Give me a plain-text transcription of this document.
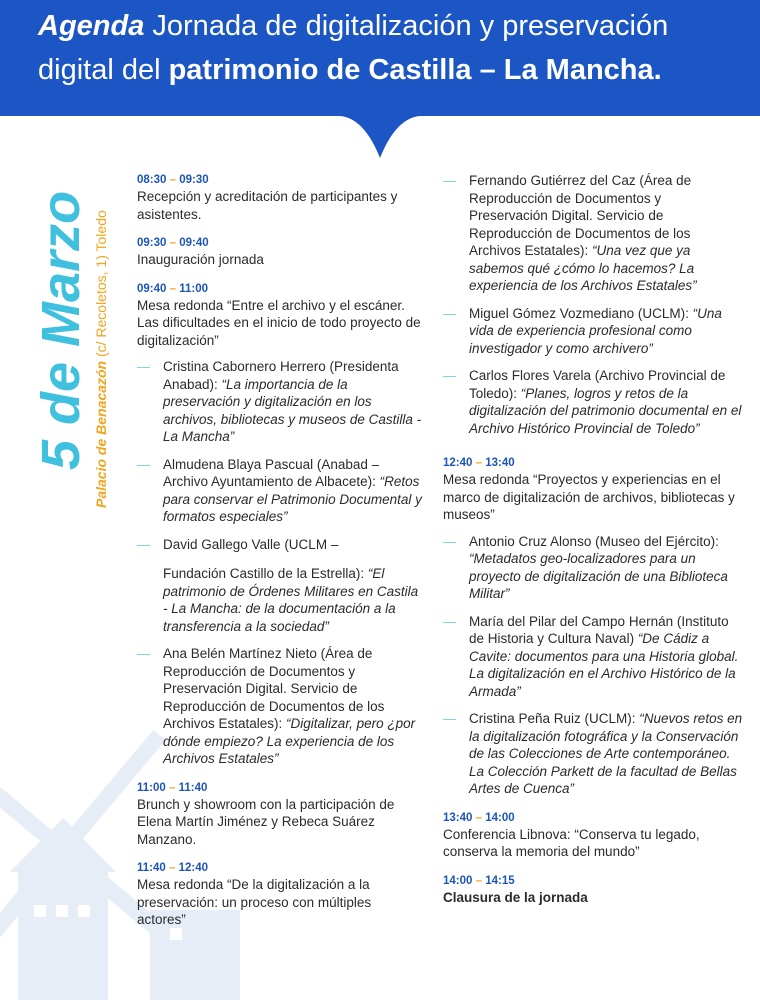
Agenda Jornada de digitalización y preservación
digital del patrimonio de Castilla – La Mancha.
5 de Marzo Palacio de Benacazón (c/ Recoletos, 1) Toledo
08:30 – 09:30
Recepción y acreditación de participantes y asistentes.
09:30 – 09:40
Inauguración jornada
09:40 – 11:00
Mesa redonda “Entre el archivo y el escáner. Las dificultades en el inicio de todo proyecto de digitalización”
— Cristina Cabornero Herrero (Presidenta Anabad): “La importancia de la preservación y digitalización en los archivos, bibliotecas y museos de Castilla - La Mancha”
— Almudena Blaya Pascual (Anabad – Archivo Ayuntamiento de Albacete): “Retos para conservar el Patrimonio Documental y formatos especiales”
— David Gallego Valle (UCLM –
Fundación Castillo de la Estrella): “El patrimonio de Órdenes Militares en Castila - La Mancha: de la documentación a la transferencia a la sociedad”
— Ana Belén Martínez Nieto (Área de Reproducción de Documentos y Preservación Digital. Servicio de Reproducción de Documentos de los Archivos Estatales): “Digitalizar, pero ¿por dónde empiezo? La experiencia de los Archivos Estatales”
11:00 – 11:40
Brunch y showroom con la participación de Elena Martín Jiménez y Rebeca Suárez Manzano.
11:40 – 12:40
Mesa redonda “De la digitalización a la preservación: un proceso con múltiples actores”
— Fernando Gutiérrez del Caz (Área de Reproducción de Documentos y Preservación Digital. Servicio de Reproducción de Documentos de los Archivos Estatales): “Una vez que ya sabemos qué ¿cómo lo hacemos? La experiencia de los Archivos Estatales”
— Miguel Gómez Vozmediano (UCLM): “Una vida de experiencia profesional como investigador y como archivero”
— Carlos Flores Varela (Archivo Provincial de Toledo): “Planes, logros y retos de la digitalización del patrimonio documental en el Archivo Histórico Provincial de Toledo”
12:40 – 13:40
Mesa redonda “Proyectos y experiencias en el marco de digitalización de archivos, bibliotecas y museos”
— Antonio Cruz Alonso (Museo del Ejército): “Metadatos geo-localizadores para un proyecto de digitalización de una Biblioteca Militar”
— María del Pilar del Campo Hernán (Instituto de Historia y Cultura Naval) “De Cádiz a Cavite: documentos para una Historia global. La digitalización en el Archivo Histórico de la Armada”
— Cristina Peña Ruiz (UCLM): “Nuevos retos en la digitalización fotográfica y la Conservación de las Colecciones de Arte contemporáneo. La Colección Parkett de la facultad de Bellas Artes de Cuenca”
13:40 – 14:00
Conferencia Libnova: “Conserva tu legado, conserva la memoria del mundo”
14:00 – 14:15
Clausura de la jornada
